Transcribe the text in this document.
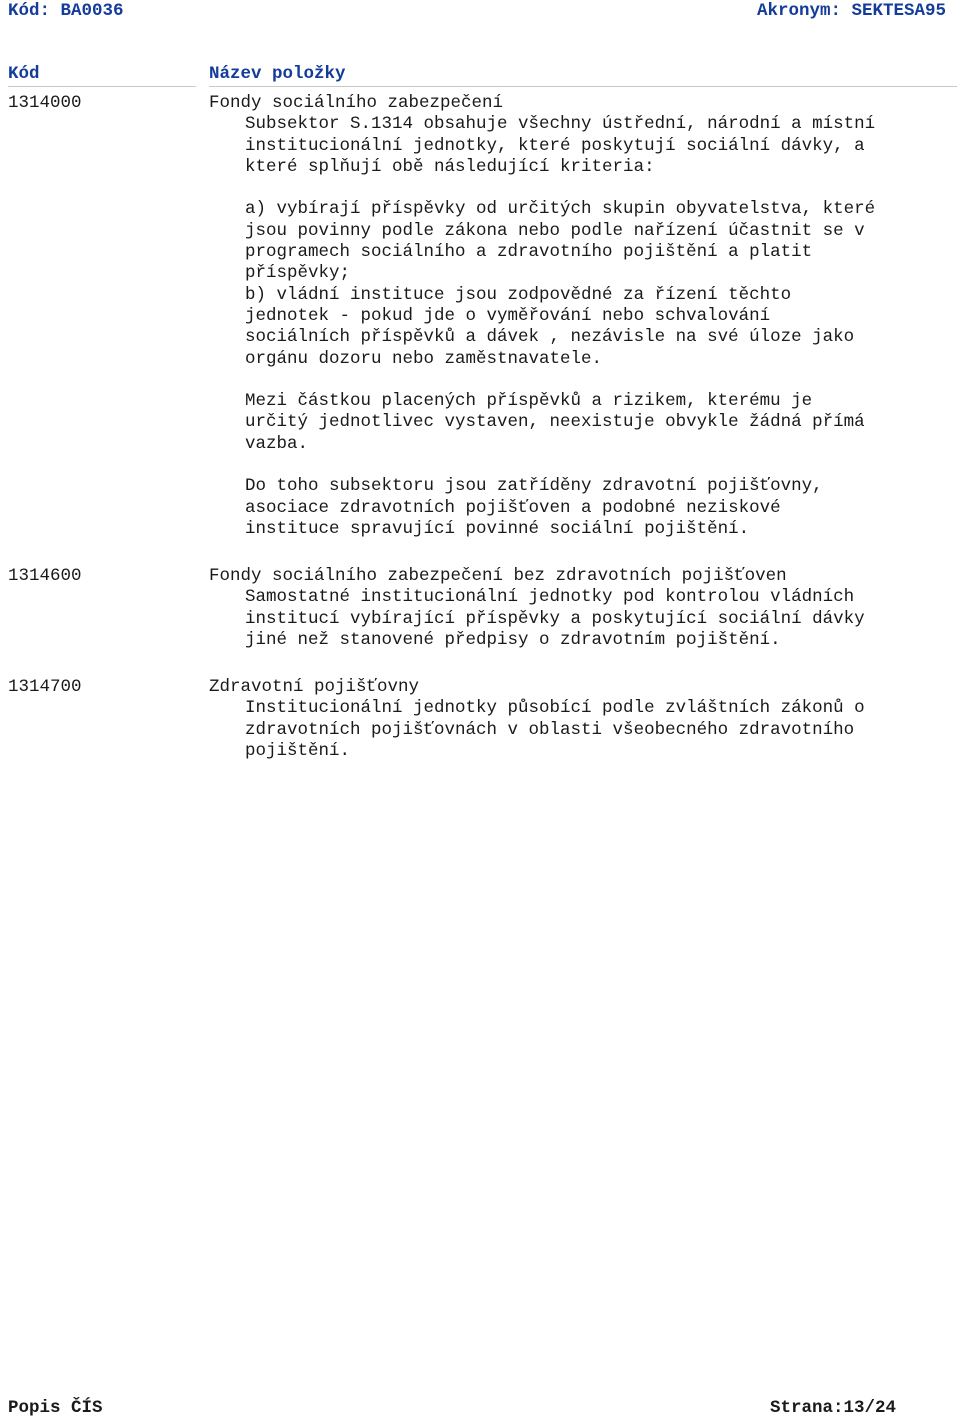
Kód: BA0036	Akronym: SEKTESA95
Kód	Název položky
1314000	Fondy sociálního zabezpečení

Subsektor S.1314 obsahuje všechny ústřední, národní a místní

institucionální jednotky, které poskytují sociální dávky, a

které splňují obě následující kriteria:

a) vybírají příspěvky od určitých skupin obyvatelstva, které

jsou povinny podle zákona nebo podle nařízení účastnit se v

programech sociálního a zdravotního pojištění a platit

příspěvky;

b) vládní instituce jsou zodpovědné za řízení těchto

jednotek - pokud jde o vyměřování nebo schvalování

sociálních příspěvků a dávek , nezávisle na své úloze jako

orgánu dozoru nebo zaměstnavatele.

Mezi částkou placených příspěvků a rizikem, kterému je

určitý jednotlivec vystaven, neexistuje obvykle žádná přímá

vazba.

Do toho subsektoru jsou zatříděny zdravotní pojišťovny,

asociace zdravotních pojišťoven a podobné neziskové

instituce spravující povinné sociální pojištění.

1314600	Fondy sociálního zabezpečení bez zdravotních pojišťoven

Samostatné institucionální jednotky pod kontrolou vládních

institucí vybírající příspěvky a poskytující sociální dávky

jiné než stanovené předpisy o zdravotním pojištění.

1314700	Zdravotní pojišťovny

Institucionální jednotky působící podle zvláštních zákonů o

zdravotních pojišťovnách v oblasti všeobecného zdravotního

pojištění.

Popis ČÍS	Strana:13/24
